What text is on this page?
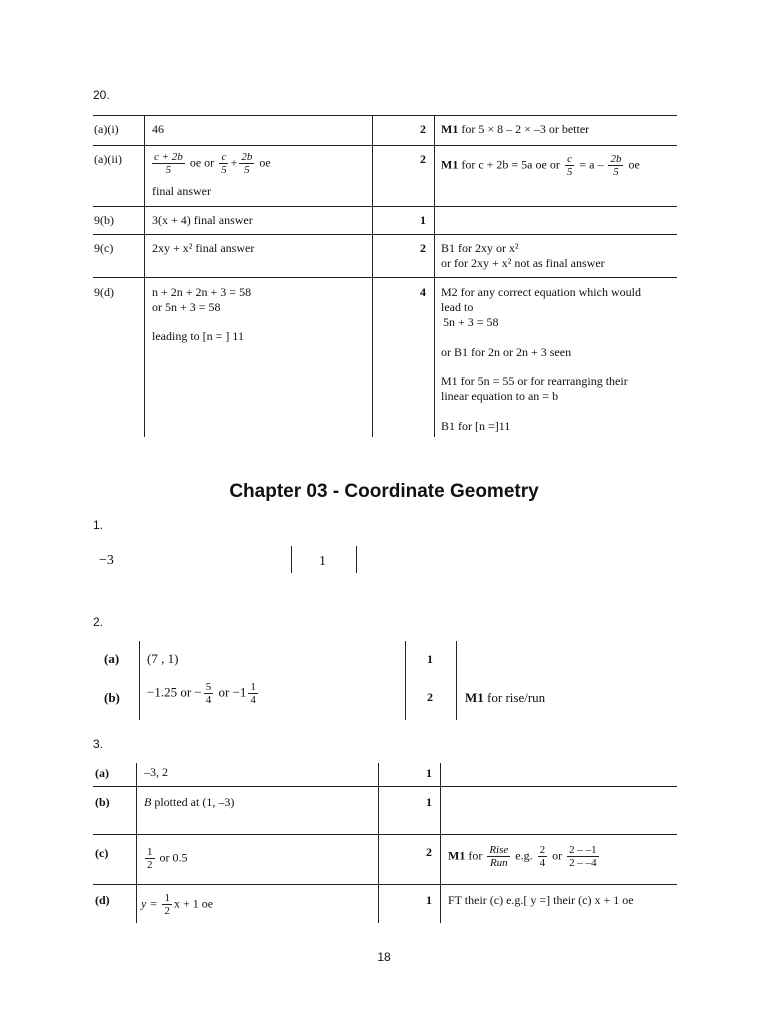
20.
(a)(i)	46	2 M1 for 5 × 8 – 2 × –3 or better
(a)(ii)	$\frac{c + 2b}{5}$ oe or $\frac{c}{5} + \frac{2b}{5}$ oe
final answer
2 M1 for c + 2b = 5a oe or $\frac{c}{5} = a - \frac{2b}{5}$ oe
9(b)	3(x + 4) final answer	1
9(c)	2xy + x² final answer	2 B1 for 2xy or x²
or for 2xy + x² not as final answer
9(d)	n + 2n + 2n + 3 = 58
or 5n + 3 = 58
leading to [n = ] 11
4 M2 for any correct equation which would
lead to
5n + 3 = 58
or B1 for 2n or 2n + 3 seen
M1 for 5n = 55 or for rearranging their
linear equation to an = b
B1 for [n =]11
Chapter 03 - Coordinate Geometry
1.
−3	1
2.
(a) (7 , 1)	1
(b) −1.25 or − $\frac{5}{4}$ or $-1 \frac{1}{4}$	2 M1 for rise/run
3.
(a)	–3, 2	1
(b)	B plotted at (1, –3)	1
(c)	$\frac{1}{2}$ or 0.5	2 M1 for $\frac{\text{Rise}}{\text{Run}} e.g$. $\frac{2}{4}$ or $\frac{2 - -1}{2 - -4}$
(d)	$y = \frac{1}{2}$ x + 1 oe	1 FT their (c) e.g.[ y =] their (c) x + 1 oe
18
